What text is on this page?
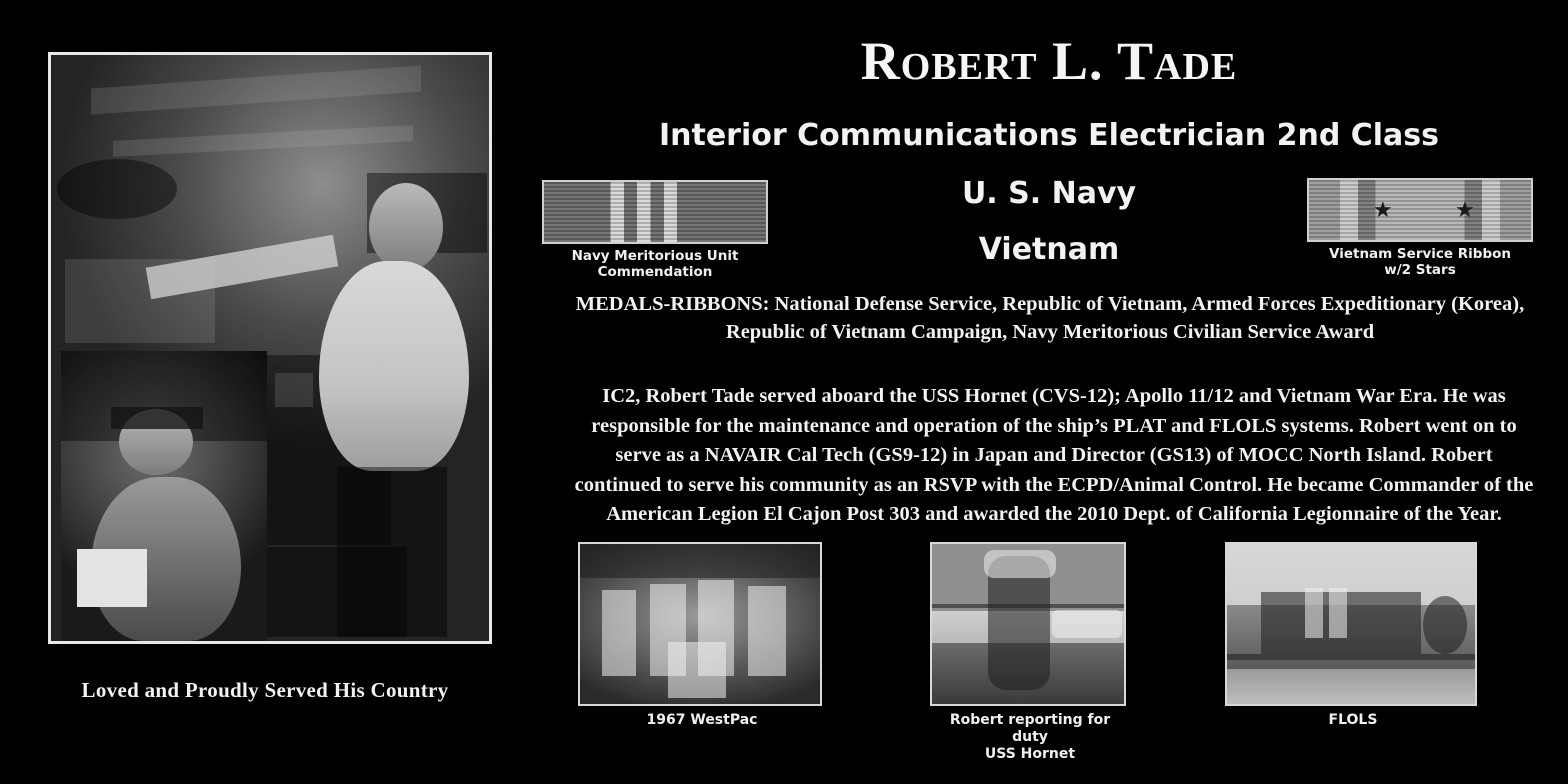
Loved and Proudly Served His Country
Robert L. Tade
Interior Communications Electrician 2nd Class
U. S. Navy
Vietnam
Navy Meritorious Unit
Commendation
★	★
Vietnam Service Ribbon
w/2 Stars
MEDALS-RIBBONS: National Defense Service, Republic of Vietnam, Armed Forces Expeditionary (Korea), Republic of Vietnam Campaign, Navy Meritorious Civilian Service Award
IC2, Robert Tade served aboard the USS Hornet (CVS-12); Apollo 11/12 and Vietnam War Era. He was responsible for the maintenance and operation of the ship’s PLAT and FLOLS systems. Robert went on to serve as a NAVAIR Cal Tech (GS9-12) in Japan and Director (GS13) of MOCC North Island. Robert continued to serve his community as an RSVP with the ECPD/Animal Control. He became Commander of the American Legion El Cajon Post 303 and awarded the 2010 Dept. of California Legionnaire of the Year.
1967 WestPac	Robert reporting for duty
USS Hornet
FLOLS
